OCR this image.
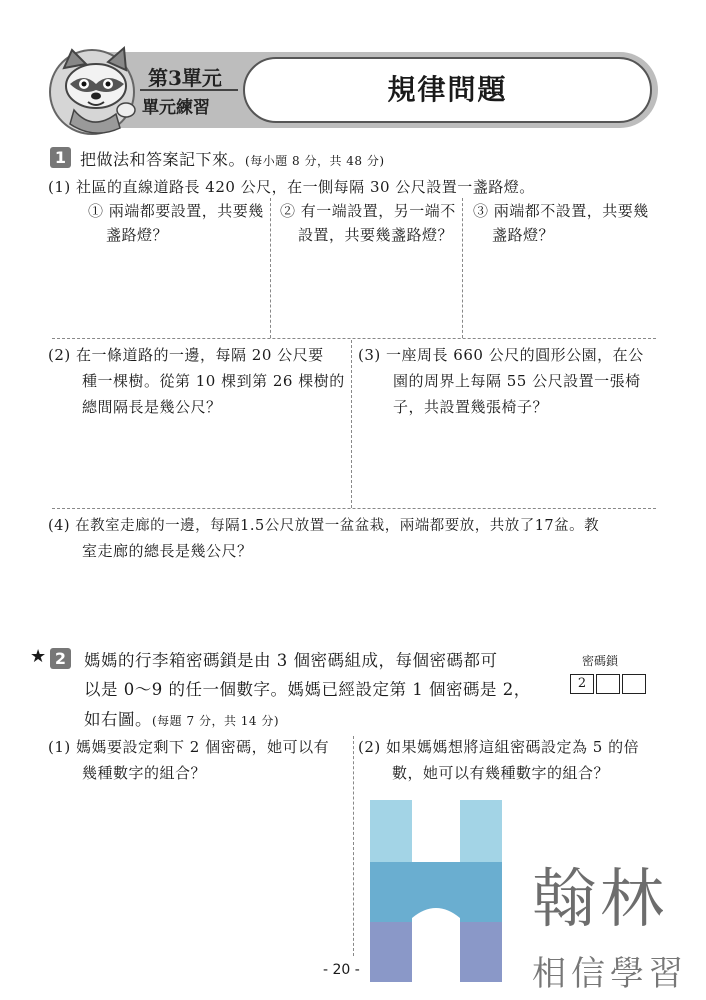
規律問題
第3單元
單元練習
1 把做法和答案記下來。(每小題 8 分，共 48 分)
(1) 社區的直線道路長 420 公尺，在一側每隔 30 公尺設置一盞路燈。
① 兩端都要設置，共要幾
盞路燈？
② 有一端設置，另一端不
設置，共要幾盞路燈？
③ 兩端都不設置，共要幾
盞路燈？
(2) 在一條道路的一邊，每隔 20 公尺要
種一棵樹。從第 10 棵到第 26 棵樹的
總間隔長是幾公尺？
(3) 一座周長 660 公尺的圓形公園，在公
園的周界上每隔 55 公尺設置一張椅
子，共設置幾張椅子？
(4) 在教室走廊的一邊，每隔1.5公尺放置一盆盆栽，兩端都要放，共放了17盆。教
室走廊的總長是幾公尺？
★ 2 媽媽的行李箱密碼鎖是由 3 個密碼組成，每個密碼都可
以是 0～9 的任一個數字。媽媽已經設定第 1 個密碼是 2，
如右圖。(每題 7 分，共 14 分)
密碼鎖
2
(1) 媽媽要設定剩下 2 個密碼，她可以有
幾種數字的組合？
(2) 如果媽媽想將這組密碼設定為 5 的倍
數，她可以有幾種數字的組合？
翰林
相信學習
- 20 -
